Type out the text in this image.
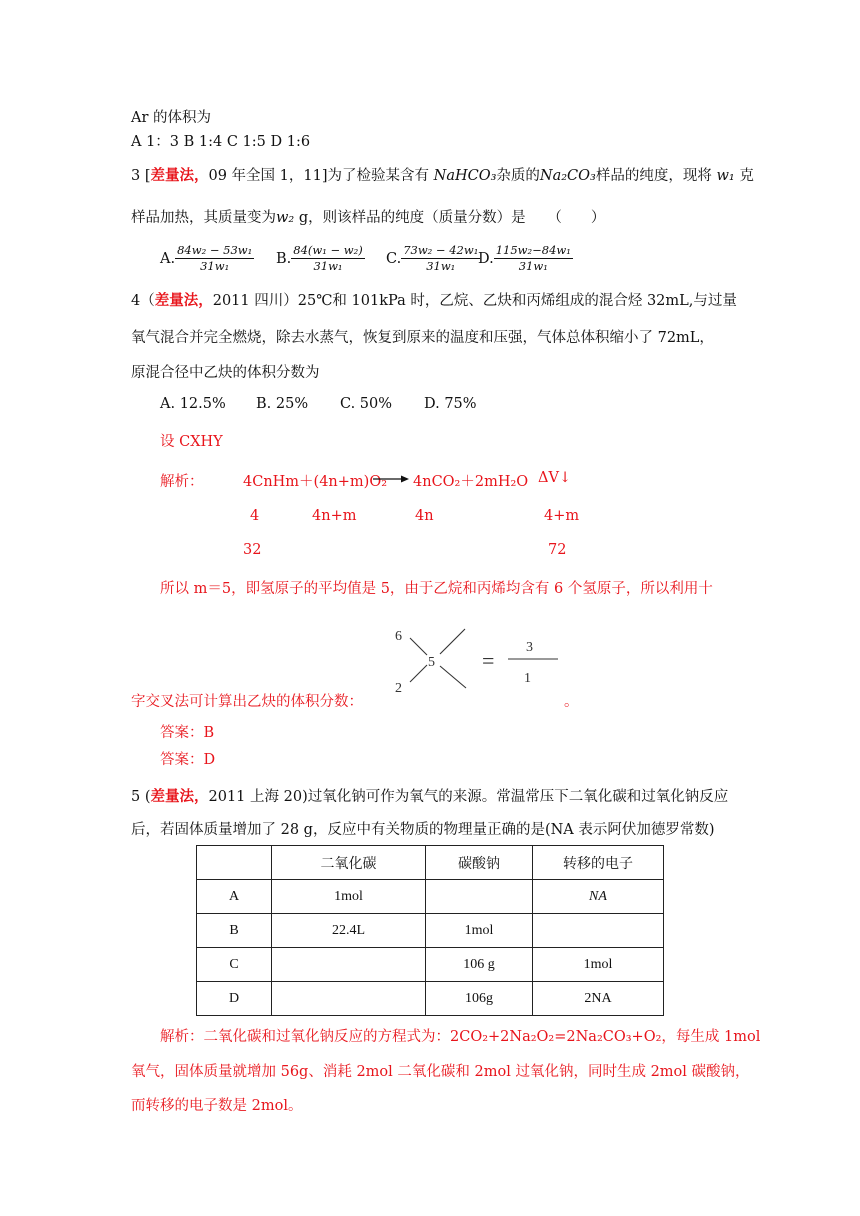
Ar 的体积为
A 1：3 B 1:4 C 1:5 D 1:6
3 [差量法，09 年全国 1，11]为了检验某含有 NaHCO₃杂质的Na₂CO₃样品的纯度，现将 w₁ 克
样品加热，其质量变为w₂ g，则该样品的纯度（质量分数）是　　（　　）
A. $\frac{\text{84w₂ − 53w₁}}{\text{31w₁}} B$. $\frac{\text{84(w₁ − w₂)}}{\text{31w₁}} C$. $\frac{\text{73w₂ − 42w₁}}{\text{31w₁}}$
D. $\frac{\text{115w₂−84w₁}}{\text{31w₁}}$
4（差量法，2011 四川）25℃和 101kPa 时，乙烷、乙炔和丙烯组成的混合烃 32mL,与过量
氧气混合并完全燃烧，除去水蒸气，恢复到原来的温度和压强，气体总体积缩小了 72mL，
原混合径中乙炔的体积分数为
A. 12.5% B. 25% C. 50% D. 75%
设 CXHY
解析：	4CnHm＋(4n+m)O₂ → 4nCO₂＋2mH₂O ΔV↓
4	4n+m	4n	4+m
32	72
所以 m＝5，即氢原子的平均值是 5，由于乙烷和丙烯均含有 6 个氢原子，所以利用十
6
2
5 =
3
1
字交叉法可计算出乙炔的体积分数：	。
答案：B
答案：D
5 (差量法，2011 上海 20)过氧化钠可作为氧气的来源。常温常压下二氧化碳和过氧化钠反应
后，若固体质量增加了 28 g，反应中有关物质的物理量正确的是(NA 表示阿伏加德罗常数)
	二氧化碳	碳酸钠	转移的电子
A	1mol		NA
B	22.4L	1mol	
C		106 g	1mol
D		106g	2NA
解析：二氧化碳和过氧化钠反应的方程式为：2CO₂+2Na₂O₂=2Na₂CO₃+O₂，每生成 1mol
氧气，固体质量就增加 56g、消耗 2mol 二氧化碳和 2mol 过氧化钠，同时生成 2mol 碳酸钠，
而转移的电子数是 2mol。
